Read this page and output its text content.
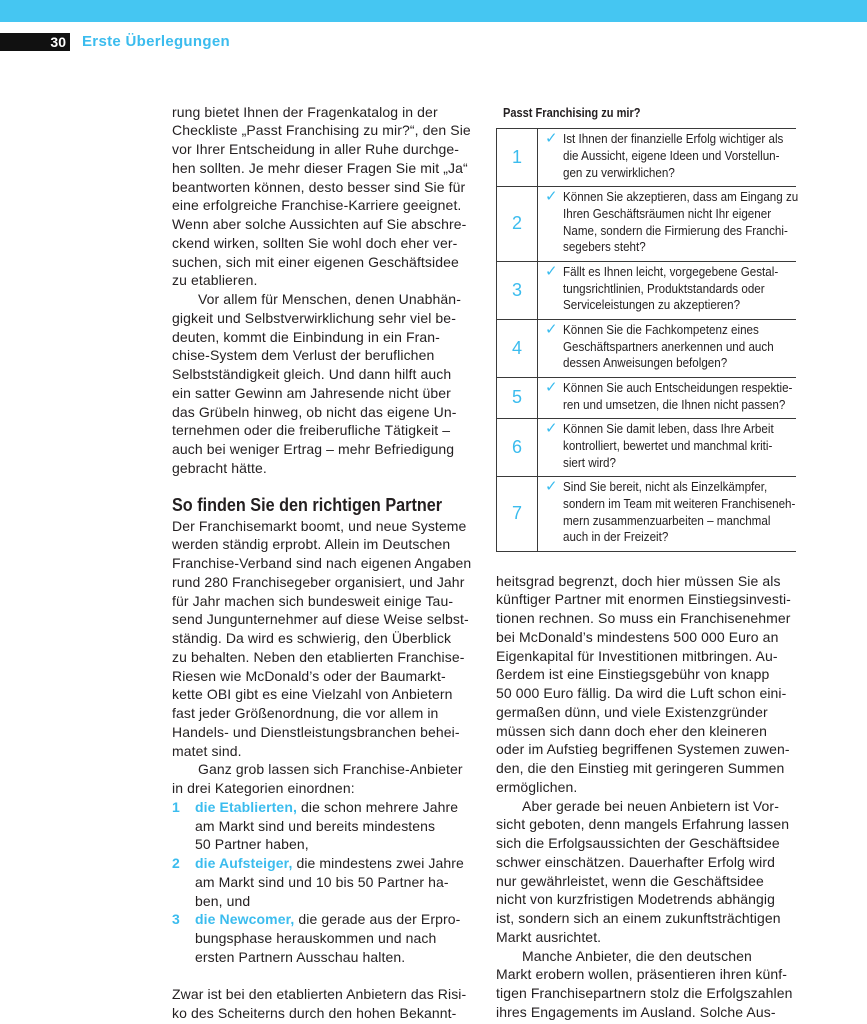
30 Erste Überlegungen
rung bietet Ihnen der Fragenkatalog in der
Checkliste „Passt Franchising zu mir?“, den Sie
vor Ihrer Entscheidung in aller Ruhe durchge-
hen sollten. Je mehr dieser Fragen Sie mit „Ja“
beantworten können, desto besser sind Sie für
eine erfolgreiche Franchise-Karriere geeignet.
Wenn aber solche Aussichten auf Sie abschre-
ckend wirken, sollten Sie wohl doch eher ver-
suchen, sich mit einer eigenen Geschäftsidee
zu etablieren.
Vor allem für Menschen, denen Unabhän-
gigkeit und Selbstverwirklichung sehr viel be-
deuten, kommt die Einbindung in ein Fran-
chise-System dem Verlust der beruflichen
Selbstständigkeit gleich. Und dann hilft auch
ein satter Gewinn am Jahresende nicht über
das Grübeln hinweg, ob nicht das eigene Un-
ternehmen oder die freiberufliche Tätigkeit –
auch bei weniger Ertrag – mehr Befriedigung
gebracht hätte.
So finden Sie den richtigen Partner
Der Franchisemarkt boomt, und neue Systeme
werden ständig erprobt. Allein im Deutschen
Franchise-Verband sind nach eigenen Angaben
rund 280 Franchisegeber organisiert, und Jahr
für Jahr machen sich bundesweit einige Tau-
send Jungunternehmer auf diese Weise selbst-
ständig. Da wird es schwierig, den Überblick
zu behalten. Neben den etablierten Franchise-
Riesen wie McDonald’s oder der Baumarkt-
kette OBI gibt es eine Vielzahl von Anbietern
fast jeder Größenordnung, die vor allem in
Handels- und Dienstleistungsbranchen behei-
matet sind.
Ganz grob lassen sich Franchise-Anbieter
in drei Kategorien einordnen:
1 die Etablierten, die schon mehrere Jahre
am Markt sind und bereits mindestens
50 Partner haben,
2 die Aufsteiger, die mindestens zwei Jahre
am Markt sind und 10 bis 50 Partner ha-
ben, und
3 die Newcomer, die gerade aus der Erpro-
bungsphase herauskommen und nach
ersten Partnern Ausschau halten.
Zwar ist bei den etablierten Anbietern das Risi-
ko des Scheiterns durch den hohen Bekannt-
Passt Franchising zu mir?
1
✓
Ist Ihnen der finanzielle Erfolg wichtiger als
die Aussicht, eigene Ideen und Vorstellun-
gen zu verwirklichen?
2
✓
Können Sie akzeptieren, dass am Eingang zu
Ihren Geschäftsräumen nicht Ihr eigener
Name, sondern die Firmierung des Franchi-
segebers steht?
3
✓
Fällt es Ihnen leicht, vorgegebene Gestal-
tungsrichtlinien, Produktstandards oder
Serviceleistungen zu akzeptieren?
4
✓
Können Sie die Fachkompetenz eines
Geschäftspartners anerkennen und auch
dessen Anweisungen befolgen?
5
✓	Können Sie auch Entscheidungen respektie-
ren und umsetzen, die Ihnen nicht passen?
6
✓
Können Sie damit leben, dass Ihre Arbeit
kontrolliert, bewertet und manchmal kriti-
siert wird?
7
✓
Sind Sie bereit, nicht als Einzelkämpfer,
sondern im Team mit weiteren Franchiseneh-
mern zusammenzuarbeiten – manchmal
auch in der Freizeit?
heitsgrad begrenzt, doch hier müssen Sie als
künftiger Partner mit enormen Einstiegsinvesti-
tionen rechnen. So muss ein Franchisenehmer
bei McDonald’s mindestens 500 000 Euro an
Eigenkapital für Investitionen mitbringen. Au-
ßerdem ist eine Einstiegsgebühr von knapp
50 000 Euro fällig. Da wird die Luft schon eini-
germaßen dünn, und viele Existenzgründer
müssen sich dann doch eher den kleineren
oder im Aufstieg begriffenen Systemen zuwen-
den, die den Einstieg mit geringeren Summen
ermöglichen.
Aber gerade bei neuen Anbietern ist Vor-
sicht geboten, denn mangels Erfahrung lassen
sich die Erfolgsaussichten der Geschäftsidee
schwer einschätzen. Dauerhafter Erfolg wird
nur gewährleistet, wenn die Geschäftsidee
nicht von kurzfristigen Modetrends abhängig
ist, sondern sich an einem zukunftsträchtigen
Markt ausrichtet.
Manche Anbieter, die den deutschen
Markt erobern wollen, präsentieren ihren künf-
tigen Franchisepartnern stolz die Erfolgszahlen
ihres Engagements im Ausland. Solche Aus-
